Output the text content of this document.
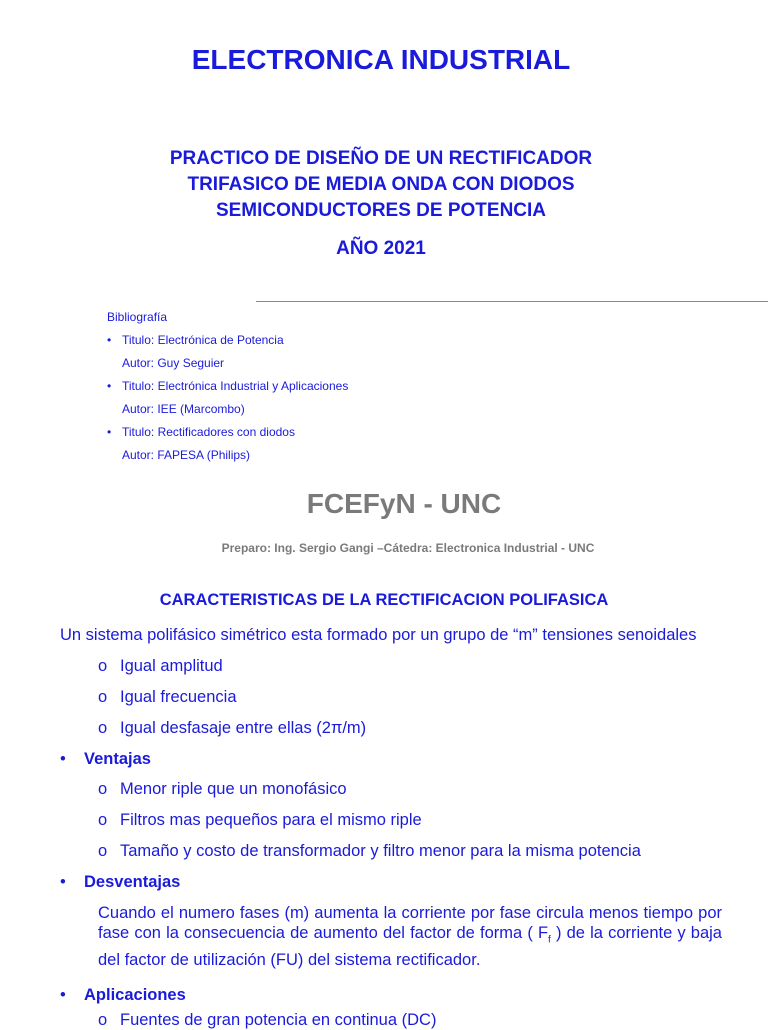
ELECTRONICA INDUSTRIAL
PRACTICO DE DISEÑO DE UN RECTIFICADOR
TRIFASICO DE MEDIA ONDA CON DIODOS
SEMICONDUCTORES DE POTENCIA
AÑO 2021
Bibliografía
• Titulo: Electrónica de Potencia
Autor: Guy Seguier
• Titulo: Electrónica Industrial y Aplicaciones
Autor: IEE (Marcombo)
• Titulo: Rectificadores con diodos
Autor: FAPESA (Philips)
FCEFyN - UNC
Preparo: Ing. Sergio Gangi –Cátedra: Electronica Industrial - UNC
CARACTERISTICAS DE LA RECTIFICACION POLIFASICA
Un sistema polifásico simétrico esta formado por un grupo de “m” tensiones senoidales
o Igual amplitud
o Igual frecuencia
o Igual desfasaje entre ellas (2π/m)
• Ventajas
o Menor riple que un monofásico
o Filtros mas pequeños para el mismo riple
o Tamaño y costo de transformador y filtro menor para la misma potencia
• Desventajas
Cuando el numero fases (m) aumenta la corriente por fase circula menos tiempo por fase con la consecuencia de aumento del factor de forma ( $F_f$ ) de la corriente y baja del factor de utilización (FU) del sistema rectificador.
• Aplicaciones
o Fuentes de gran potencia en continua (DC)
